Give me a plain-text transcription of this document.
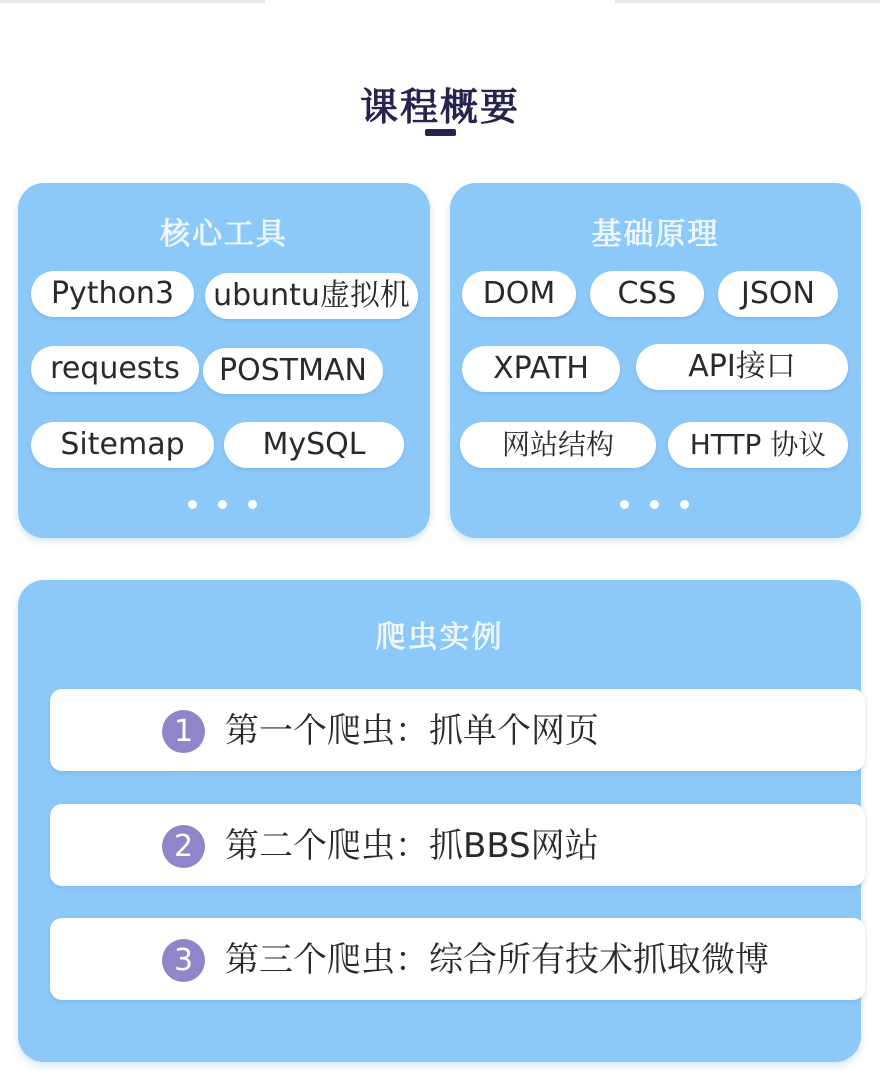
课程概要
核心工具
Python3	ubuntu虚拟机
requests	POSTMAN
Sitemap	MySQL
基础原理
DOM	CSS	JSON
XPATH	API接口
网站结构	HTTP 协议
爬虫实例
1 第一个爬虫：抓单个网页
2 第二个爬虫：抓BBS网站
3 第三个爬虫：综合所有技术抓取微博
